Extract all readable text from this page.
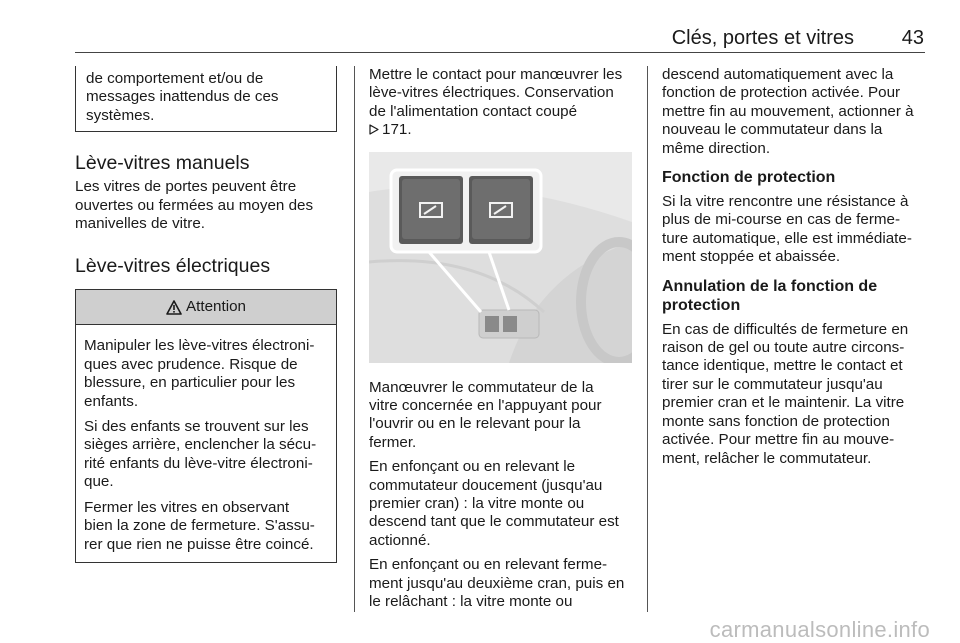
Clés, portes et vitres 43
de comportement et/ou de
messages inattendus de ces
systèmes.
Lève-vitres manuels
Les vitres de portes peuvent être
ouvertes ou fermées au moyen des
manivelles de vitre.
Lève-vitres électriques
Attention

Manipuler les lève-vitres électroni-
ques avec prudence. Risque de
blessure, en particulier pour les
enfants.

Si des enfants se trouvent sur les
sièges arrière, enclencher la sécu-
rité enfants du lève-vitre électroni-
que.

Fermer les vitres en observant
bien la zone de fermeture. S'assu-
rer que rien ne puisse être coincé.

Mettre le contact pour manœuvrer les
lève-vitres électriques. Conservation
de l'alimentation contact coupé
171.

Manœuvrer le commutateur de la
vitre concernée en l'appuyant pour
l'ouvrir ou en le relevant pour la
fermer.

En enfonçant ou en relevant le
commutateur doucement (jusqu'au
premier cran) : la vitre monte ou
descend tant que le commutateur est
actionné.

En enfonçant ou en relevant ferme-
ment jusqu'au deuxième cran, puis en
le relâchant : la vitre monte ou

descend automatiquement avec la
fonction de protection activée. Pour
mettre fin au mouvement, actionner à
nouveau le commutateur dans la
même direction.

Fonction de protection

Si la vitre rencontre une résistance à
plus de mi-course en cas de ferme-
ture automatique, elle est immédiate-
ment stoppée et abaissée.

Annulation de la fonction de
protection

En cas de difficultés de fermeture en
raison de gel ou toute autre circons-
tance identique, mettre le contact et
tirer sur le commutateur jusqu'au
premier cran et le maintenir. La vitre
monte sans fonction de protection
activée. Pour mettre fin au mouve-
ment, relâcher le commutateur.

carmanualsonline.info
